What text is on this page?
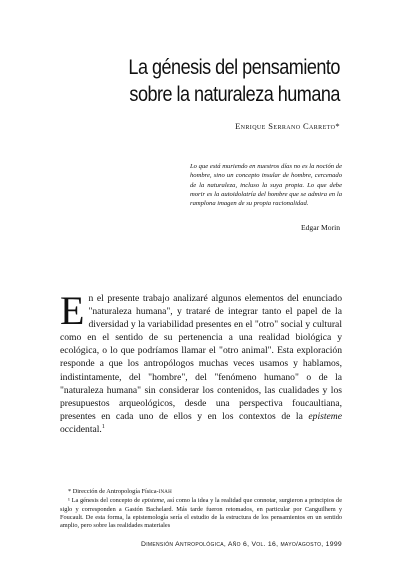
La génesis del pensamiento
sobre la naturaleza humana
Enrique Serrano Carreto*
Lo que está muriendo en nuestros días no es la noción de hombre, sino un concepto insular de hombre, cercenado de la naturaleza, incluso la suya propia. Lo que debe morir es la autoidolatría del hombre que se admira en la ramplona imagen de su propia racionalidad.
Edgar Morin
En el presente trabajo analizaré algunos elementos del enunciado "naturaleza humana", y trataré de integrar tanto el papel de la diversidad y la variabilidad presentes en el "otro" social y cultural como en el sentido de su pertenencia a una realidad biológica y ecológica, o lo que podríamos llamar el "otro animal". Esta exploración responde a que los antropólogos muchas veces usamos y hablamos, indistintamente, del "hombre", del "fenómeno humano" o de la "naturaleza humana" sin considerar los contenidos, las cualidades y los presupuestos arqueológicos, desde una perspectiva foucaultiana, presentes en cada uno de ellos y en los contextos de la episteme occidental.$^1$

* Dirección de Antropología Física-INAH

¹ La génesis del concepto de episteme, así como la idea y la realidad que connotar, surgieron a principios de siglo y corresponden a Gastón Bachelard. Más tarde fueron retomados, en particular por Canguilhem y Foucault. De esta forma, la epistemología sería el estudio de la estructura de los pensamientos en un sentido amplio, pero sobre las realidades materiales

Dimensión Antropológica, Año 6, Vol. 16, mayo/agosto, 1999
